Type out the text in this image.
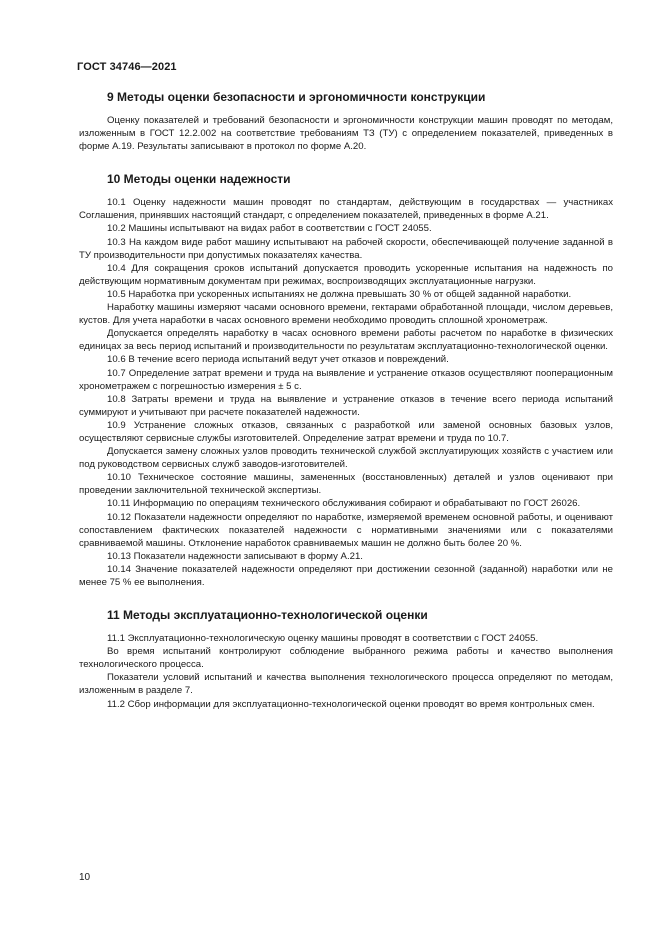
ГОСТ 34746—2021
9 Методы оценки безопасности и эргономичности конструкции

Оценку показателей и требований безопасности и эргономичности конструкции машин проводят по методам, изложенным в ГОСТ 12.2.002 на соответствие требованиям ТЗ (ТУ) с определением показателей, приведенных в форме А.19. Результаты записывают в протокол по форме А.20.

10 Методы оценки надежности

10.1 Оценку надежности машин проводят по стандартам, действующим в государствах — участниках Соглашения, принявших настоящий стандарт, с определением показателей, приведенных в форме А.21.

10.2 Машины испытывают на видах работ в соответствии с ГОСТ 24055.

10.3 На каждом виде работ машину испытывают на рабочей скорости, обеспечивающей получение заданной в ТУ производительности при допустимых показателях качества.

10.4 Для сокращения сроков испытаний допускается проводить ускоренные испытания на надежность по действующим нормативным документам при режимах, воспроизводящих эксплуатационные нагрузки.

10.5 Наработка при ускоренных испытаниях не должна превышать 30 % от общей заданной наработки.

Наработку машины измеряют часами основного времени, гектарами обработанной площади, числом деревьев, кустов. Для учета наработки в часах основного времени необходимо проводить сплошной хронометраж.

Допускается определять наработку в часах основного времени работы расчетом по наработке в физических единицах за весь период испытаний и производительности по результатам эксплуатационно-технологической оценки.

10.6 В течение всего периода испытаний ведут учет отказов и повреждений.

10.7 Определение затрат времени и труда на выявление и устранение отказов осуществляют пооперационным хронометражем с погрешностью измерения ± 5 с.

10.8 Затраты времени и труда на выявление и устранение отказов в течение всего периода испытаний суммируют и учитывают при расчете показателей надежности.

10.9 Устранение сложных отказов, связанных с разработкой или заменой основных базовых узлов, осуществляют сервисные службы изготовителей. Определение затрат времени и труда по 10.7.

Допускается замену сложных узлов проводить технической службой эксплуатирующих хозяйств с участием или под руководством сервисных служб заводов-изготовителей.

10.10 Техническое состояние машины, замененных (восстановленных) деталей и узлов оценивают при проведении заключительной технической экспертизы.

10.11 Информацию по операциям технического обслуживания собирают и обрабатывают по ГОСТ 26026.

10.12 Показатели надежности определяют по наработке, измеряемой временем основной работы, и оценивают сопоставлением фактических показателей надежности с нормативными значениями или с показателями сравниваемой машины. Отклонение наработок сравниваемых машин не должно быть более 20 %.

10.13 Показатели надежности записывают в форму А.21.

10.14 Значение показателей надежности определяют при достижении сезонной (заданной) наработки или не менее 75 % ее выполнения.

11 Методы эксплуатационно-технологической оценки

11.1 Эксплуатационно-технологическую оценку машины проводят в соответствии с ГОСТ 24055.

Во время испытаний контролируют соблюдение выбранного режима работы и качество выполнения технологического процесса.

Показатели условий испытаний и качества выполнения технологического процесса определяют по методам, изложенным в разделе 7.

11.2 Сбор информации для эксплуатационно-технологической оценки проводят во время контрольных смен.

10
